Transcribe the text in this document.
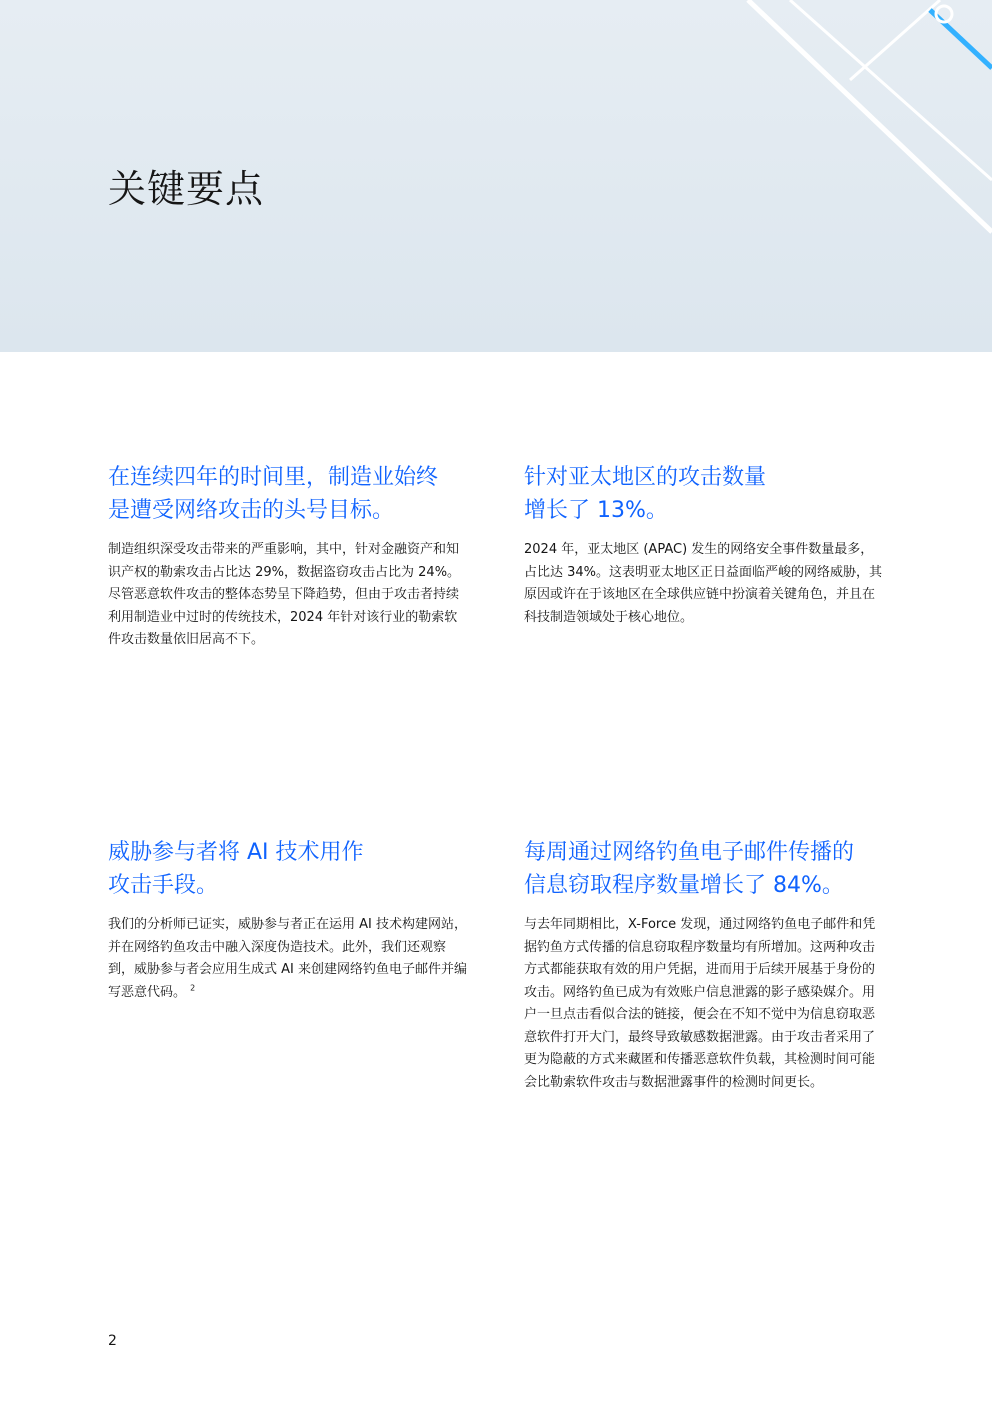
关键要点
在连续四年的时间里，制造业始终
是遭受网络攻击的头号目标。

制造组织深受攻击带来的严重影响，其中，针对金融资产和知识产权的勒索攻击占比达 29%，数据盗窃攻击占比为 24%。尽管恶意软件攻击的整体态势呈下降趋势，但由于攻击者持续利用制造业中过时的传统技术，2024 年针对该行业的勒索软件攻击数量依旧居高不下。

针对亚太地区的攻击数量
增长了 13%。

2024 年，亚太地区 (APAC) 发生的网络安全事件数量最多，占比达 34%。这表明亚太地区正日益面临严峻的网络威胁，其原因或许在于该地区在全球供应链中扮演着关键角色，并且在科技制造领域处于核心地位。

威胁参与者将 AI 技术用作
攻击手段。

我们的分析师已证实，威胁参与者正在运用 AI 技术构建网站，并在网络钓鱼攻击中融入深度伪造技术。此外，我们还观察到，威胁参与者会应用生成式 AI 来创建网络钓鱼电子邮件并编写恶意代码。 $^2$

每周通过网络钓鱼电子邮件传播的
信息窃取程序数量增长了 84%。

与去年同期相比，X-Force 发现，通过网络钓鱼电子邮件和凭据钓鱼方式传播的信息窃取程序数量均有所增加。这两种攻击方式都能获取有效的用户凭据，进而用于后续开展基于身份的攻击。网络钓鱼已成为有效账户信息泄露的影子感染媒介。用户一旦点击看似合法的链接，便会在不知不觉中为信息窃取恶意软件打开大门，最终导致敏感数据泄露。由于攻击者采用了更为隐蔽的方式来藏匿和传播恶意软件负载，其检测时间可能会比勒索软件攻击与数据泄露事件的检测时间更长。

2
